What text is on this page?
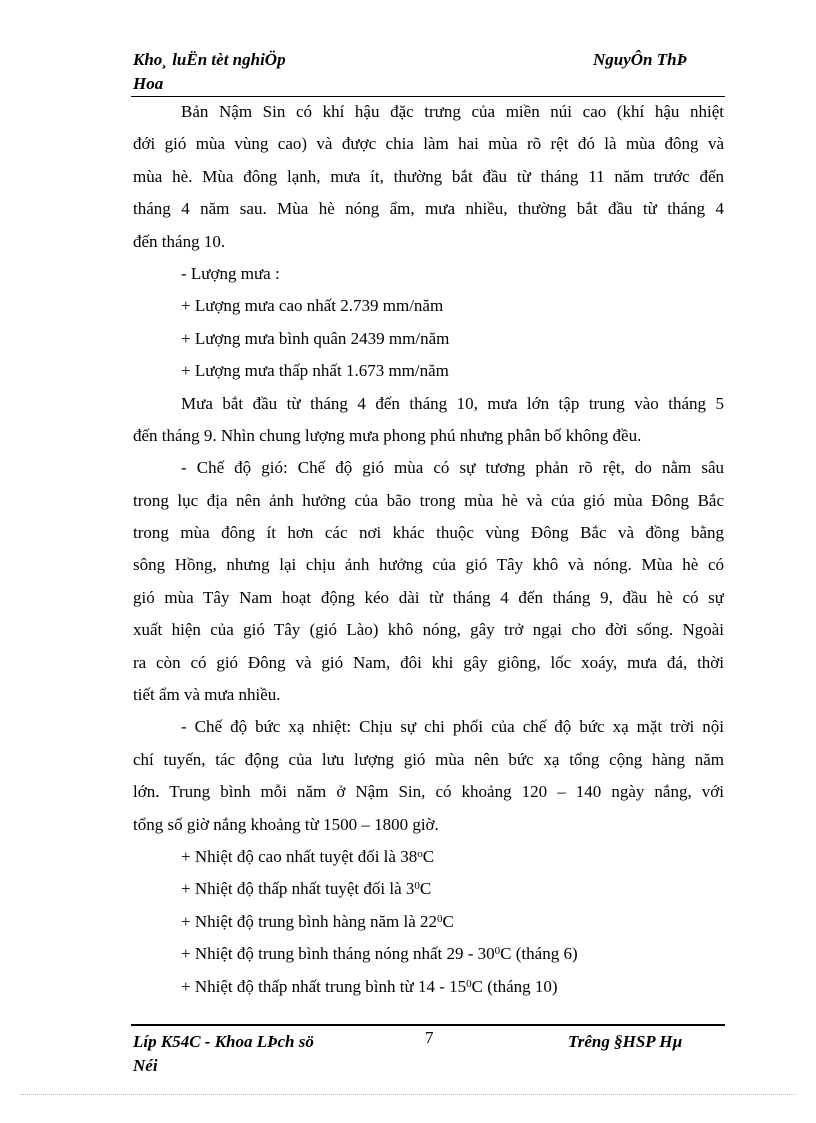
Kho¸ luËn tèt nghiÖp
Hoa
NguyÔn ThÞ
Bản Nậm Sin có khí hậu đặc trưng của miền núi cao (khí hậu nhiệt
đới gió mùa vùng cao) và được chia làm hai mùa rõ rệt đó là mùa đông và
mùa hè. Mùa đông lạnh, mưa ít, thường bắt đầu từ tháng 11 năm trước đến
tháng 4 năm sau. Mùa hè nóng ẩm, mưa nhiều, thường bắt đầu từ tháng 4
đến tháng 10.
- Lượng mưa :
+ Lượng mưa cao nhất 2.739 mm/năm
+ Lượng mưa bình quân 2439 mm/năm
+ Lượng mưa thấp nhất 1.673 mm/năm
Mưa bắt đầu từ tháng 4 đến tháng 10, mưa lớn tập trung vào tháng 5
đến tháng 9. Nhìn chung lượng mưa phong phú nhưng phân bố không đều.
- Chế độ gió: Chế độ gió mùa có sự tương phản rõ rệt, do nằm sâu
trong lục địa nên ảnh hưởng của bão trong mùa hè và của gió mùa Đông Bắc
trong mùa đông ít hơn các nơi khác thuộc vùng Đông Bắc và đồng bằng
sông Hồng, nhưng lại chịu ảnh hưởng của gió Tây khô và nóng. Mùa hè có
gió mùa Tây Nam hoạt động kéo dài từ tháng 4 đến tháng 9, đầu hè có sự
xuất hiện của gió Tây (gió Lào) khô nóng, gây trở ngại cho đời sống. Ngoài
ra còn có gió Đông và gió Nam, đôi khi gây giông, lốc xoáy, mưa đá, thời
tiết ẩm và mưa nhiều.
- Chế độ bức xạ nhiệt: Chịu sự chi phối của chế độ bức xạ mặt trời nội
chí tuyến, tác động của lưu lượng gió mùa nên bức xạ tổng cộng hàng năm
lớn. Trung bình mỗi năm ở Nậm Sin, có khoảng 120 – 140 ngày nắng, với
tổng số giờ nắng khoảng từ 1500 – 1800 giờ.
+ Nhiệt độ cao nhất tuyệt đối là $38^oC$
+ Nhiệt độ thấp nhất tuyệt đối là $3^0C$
+ Nhiệt độ trung bình hàng năm là $22^0C$
+ Nhiệt độ trung bình tháng nóng nhất $29 - 30^0C$ (tháng 6)
+ Nhiệt độ thấp nhất trung bình từ $14 - 15^0C$ (tháng 10)
Líp K54C - Khoa LÞch sö
Néi
7	Trêng §HSP Hµ
